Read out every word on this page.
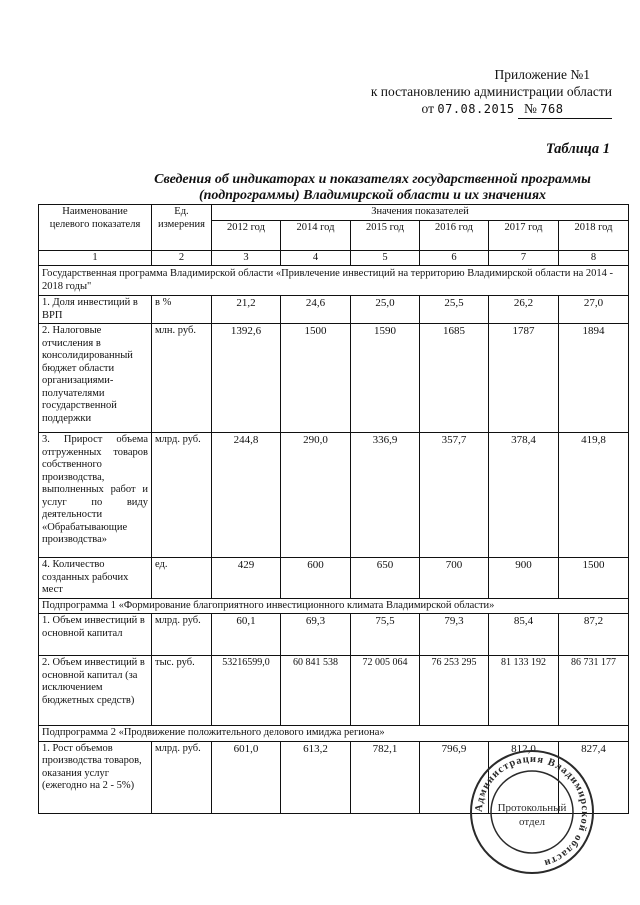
Приложение №1
к постановлению администрации области
от 07.08.2015 № 768
Таблица 1
Сведения об индикаторах и показателях государственной программы
(подпрограммы) Владимирской области и их значениях
Наименование целевого показателя	Ед. измерения	Значения показателей					
		2012 год	2014 год	2015 год	2016 год	2017 год	2018 год
1	2	3	4	5	6	7	8
Государственная программа Владимирской области «Привлечение инвестиций на территорию Владимирской области на 2014 - 2018 годы"							
1. Доля инвестиций в ВРП	в %	21,2	24,6	25,0	25,5	26,2	27,0
2. Налоговые отчисления в консолидированный бюджет области организациями-получателями государственной поддержки	млн. руб.	1392,6	1500	1590	1685	1787	1894
3. Прирост объема отгруженных товаров собственного производства, выполненных работ и услуг по виду деятельности «Обрабатывающие производства»	млрд. руб.	244,8	290,0	336,9	357,7	378,4	419,8
4. Количество созданных рабочих мест	ед.	429	600	650	700	900	1500
Подпрограмма 1 «Формирование благоприятного инвестиционного климата Владимирской области»							
1. Объем инвестиций в основной капитал	млрд. руб.	60,1	69,3	75,5	79,3	85,4	87,2
2. Объем инвестиций в основной капитал (за исключением бюджетных средств)	тыс. руб.	53216599,0	60 841 538	72 005 064	76 253 295	81 133 192	86 731 177
Подпрограмма 2 «Продвижение положительного делового имиджа региона»							
1. Рост объемов производства товаров, оказания услуг (ежегодно на 2 - 5%)	млрд. руб.	601,0	613,2	782,1	796,9	812,0	827,4
Администрация Владимирской области
Протокольный
отдел
